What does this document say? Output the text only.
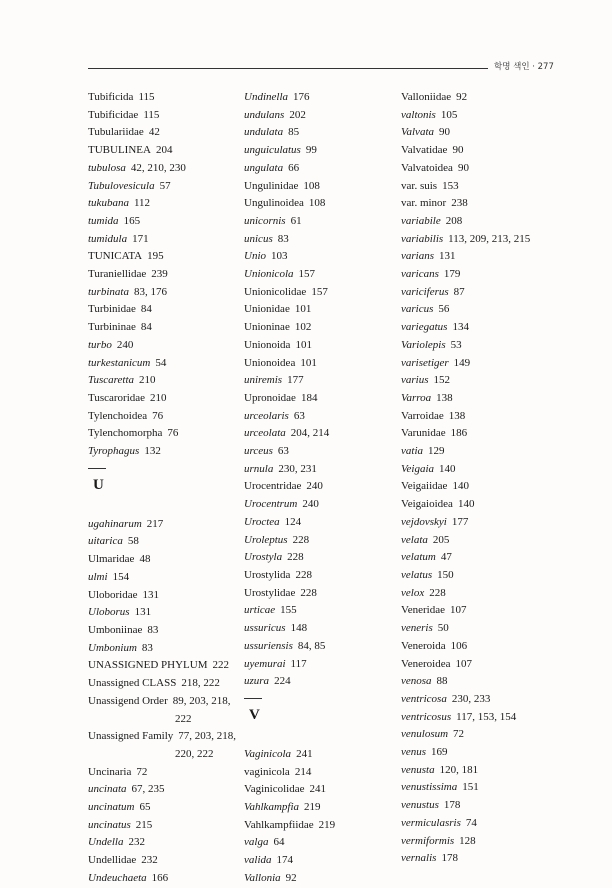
학명 색인 · 277
Tubificida 115
Tubificidae 115
Tubulariidae 42
TUBULINEA 204
tubulosa 42, 210, 230
Tubulovesicula 57
tukubana 112
tumida 165
tumidula 171
TUNICATA 195
Turaniellidae 239
turbinata 83, 176
Turbinidae 84
Turbininae 84
turbo 240
turkestanicum 54
Tuscaretta 210
Tuscaroridae 210
Tylenchoidea 76
Tylenchomorpha 76
Tyrophagus 132
U
ugahinarum 217
uitarica 58
Ulmaridae 48
ulmi 154
Uloboridae 131
Uloborus 131
Umboniinae 83
Umbonium 83
UNASSIGNED PHYLUM 222
Unassigned CLASS 218, 222
Unassigend Order 89, 203, 218,
222
Unassigned Family 77, 203, 218,
220, 222
Uncinaria 72
uncinata 67, 235
uncinatum 65
uncinatus 215
Undella 232
Undellidae 232
Undeuchaeta 166
Undinella 176
undulans 202
undulata 85
unguiculatus 99
ungulata 66
Ungulinidae 108
Ungulinoidea 108
unicornis 61
unicus 83
Unio 103
Unionicola 157
Unionicolidae 157
Unionidae 101
Unioninae 102
Unionoida 101
Unionoidea 101
uniremis 177
Upronoidae 184
urceolaris 63
urceolata 204, 214
urceus 63
urnula 230, 231
Urocentridae 240
Urocentrum 240
Uroctea 124
Uroleptus 228
Urostyla 228
Urostylida 228
Urostylidae 228
urticae 155
ussuricus 148
ussuriensis 84, 85
uyemurai 117
uzura 224
V
Vaginicola 241
vaginicola 214
Vaginicolidae 241
Vahlkampfia 219
Vahlkampfiidae 219
valga 64
valida 174
Vallonia 92
Valloniidae 92
valtonis 105
Valvata 90
Valvatidae 90
Valvatoidea 90
var. suis 153
var. minor 238
variabile 208
variabilis 113, 209, 213, 215
varians 131
varicans 179
variciferus 87
varicus 56
variegatus 134
Variolepis 53
varisetiger 149
varius 152
Varroa 138
Varroidae 138
Varunidae 186
vatia 129
Veigaia 140
Veigaiidae 140
Veigaioidea 140
vejdovskyi 177
velata 205
velatum 47
velatus 150
velox 228
Veneridae 107
veneris 50
Veneroida 106
Veneroidea 107
venosa 88
ventricosa 230, 233
ventricosus 117, 153, 154
venulosum 72
venus 169
venusta 120, 181
venustissima 151
venustus 178
vermiculasris 74
vermiformis 128
vernalis 178
